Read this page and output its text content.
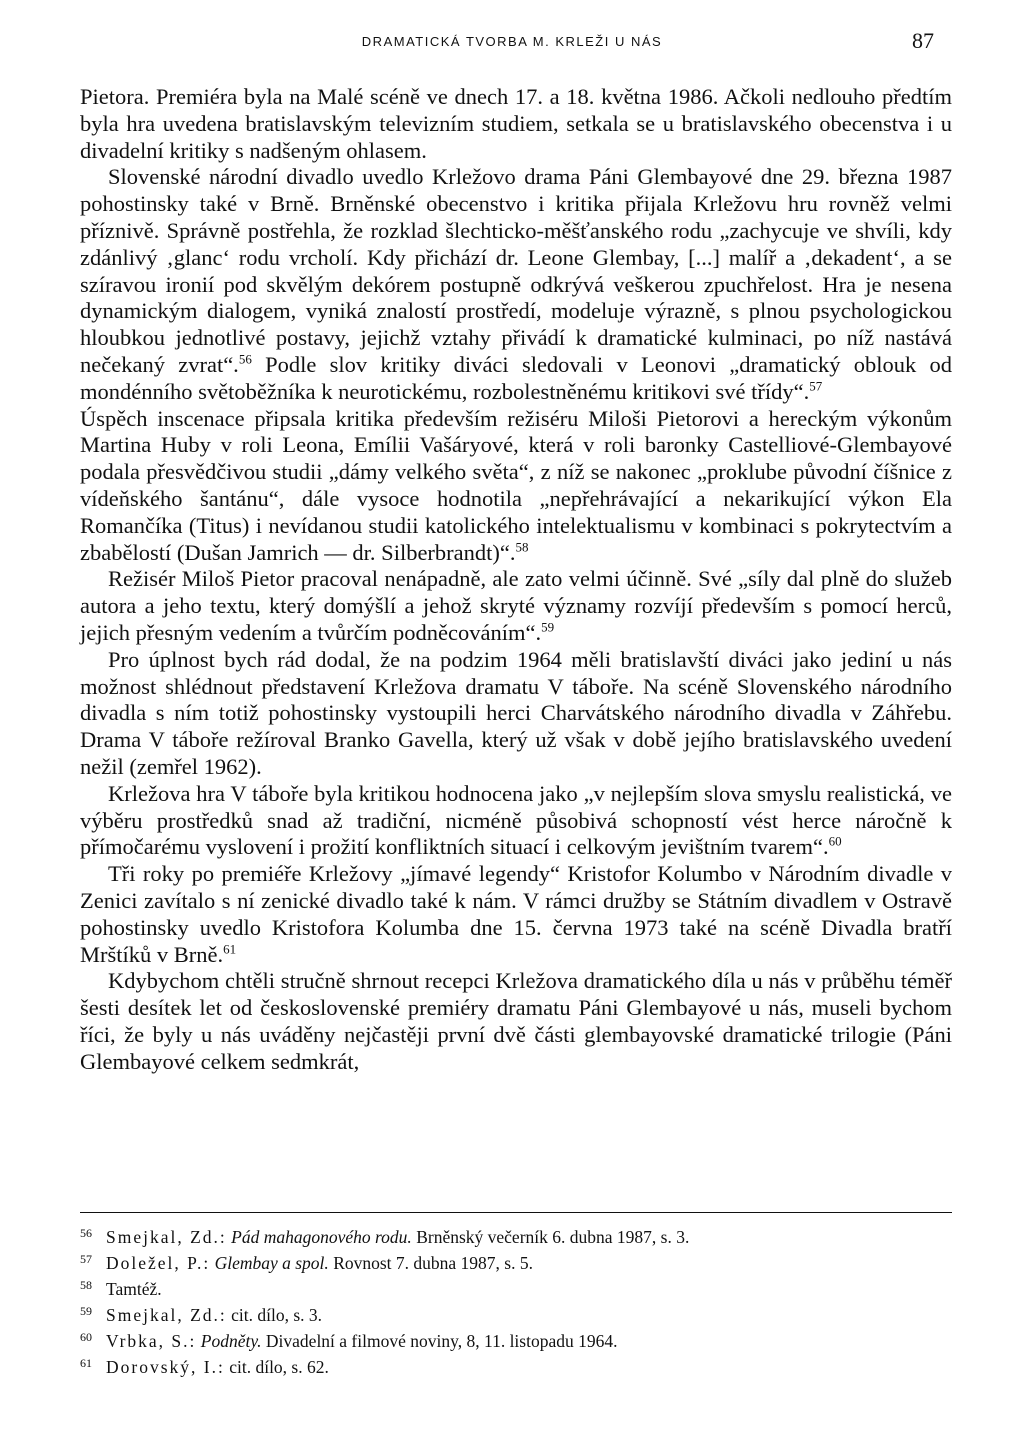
DRAMATICKÁ TVORBA M. KRLEŽI U NÁS	87

Pietora. Premiéra byla na Malé scéně ve dnech 17. a 18. května 1986. Ačkoli nedlouho předtím byla hra uvedena bratislavským televizním studiem, setkala se u bratislavského obecenstva i u divadelní kritiky s nadšeným ohlasem.

Slovenské národní divadlo uvedlo Krležovo drama Páni Glembayové dne 29. března 1987 pohostinsky také v Brně. Brněnské obecenstvo i kritika přijala Krležovu hru rovněž velmi příznivě. Správně postřehla, že rozklad šlechticko-měšťanského rodu „zachycuje ve shvíli, kdy zdánlivý ‚glanc‘ rodu vrcholí. Kdy přichází dr. Leone Glembay, [...] malíř a ‚dekadent‘, a se szíravou ironií pod skvělým dekórem postupně odkrývá veškerou zpuchřelost. Hra je nesena dynamickým dialogem, vyniká znalostí prostředí, modeluje výrazně, s plnou psychologickou hloubkou jednotlivé postavy, jejichž vztahy přivádí k dramatické kulminaci, po níž nastává nečekaný zvrat“.$^{56}$ Podle slov kritiky diváci sledovali v Leonovi „dramatický oblouk od mondénního světoběžníka k neurotickému, rozbolestněnému kritikovi své třídy“.$^{57}$

Úspěch inscenace připsala kritika především režiséru Miloši Pietorovi a hereckým výkonům Martina Huby v roli Leona, Emílii Vašáryové, která v roli baronky Castelliové-Glembayové podala přesvědčivou studii „dámy velkého světa“, z níž se nakonec „proklube původní číšnice z vídeňského šantánu“, dále vysoce hodnotila „nepřehrávající a nekarikující výkon Ela Romančíka (Titus) i nevídanou studii katolického intelektualismu v kombinaci s pokrytectvím a zbabělostí (Dušan Jamrich — dr. Silberbrandt)“.$^{58}$

Režisér Miloš Pietor pracoval nenápadně, ale zato velmi účinně. Své „síly dal plně do služeb autora a jeho textu, který domýšlí a jehož skryté významy rozvíjí především s pomocí herců, jejich přesným vedením a tvůrčím podněcováním“.$^{59}$

Pro úplnost bych rád dodal, že na podzim 1964 měli bratislavští diváci jako jediní u nás možnost shlédnout představení Krležova dramatu V táboře. Na scéně Slovenského národního divadla s ním totiž pohostinsky vystoupili herci Charvátského národního divadla v Záhřebu. Drama V táboře režíroval Branko Gavella, který už však v době jejího bratislavského uvedení nežil (zemřel 1962).

Krležova hra V táboře byla kritikou hodnocena jako „v nejlepším slova smyslu realistická, ve výběru prostředků snad až tradiční, nicméně působivá schopností vést herce náročně k přímočarému vyslovení i prožití konfliktních situací i celkovým jevištním tvarem“.$^{60}$

Tři roky po premiéře Krležovy „jímavé legendy“ Kristofor Kolumbo v Národním divadle v Zenici zavítalo s ní zenické divadlo také k nám. V rámci družby se Státním divadlem v Ostravě pohostinsky uvedlo Kristofora Kolumba dne 15. června 1973 také na scéně Divadla bratří Mrštíků v Brně.$^{61}$

Kdybychom chtěli stručně shrnout recepci Krležova dramatického díla u nás v průběhu téměř šesti desítek let od československé premiéry dramatu Páni Glembayové u nás, museli bychom říci, že byly u nás uváděny nejčastěji první dvě části glembayovské dramatické trilogie (Páni Glembayové celkem sedmkrát,

56 Smejkal, Zd.: Pád mahagonového rodu. Brněnský večerník 6. dubna 1987, s. 3.

57 Doležel, P.: Glembay a spol. Rovnost 7. dubna 1987, s. 5.

58 Tamtéž.

59 Smejkal, Zd.: cit. dílo, s. 3.

60 Vrbka, S.: Podněty. Divadelní a filmové noviny, 8, 11. listopadu 1964.

61 Dorovský, I.: cit. dílo, s. 62.
